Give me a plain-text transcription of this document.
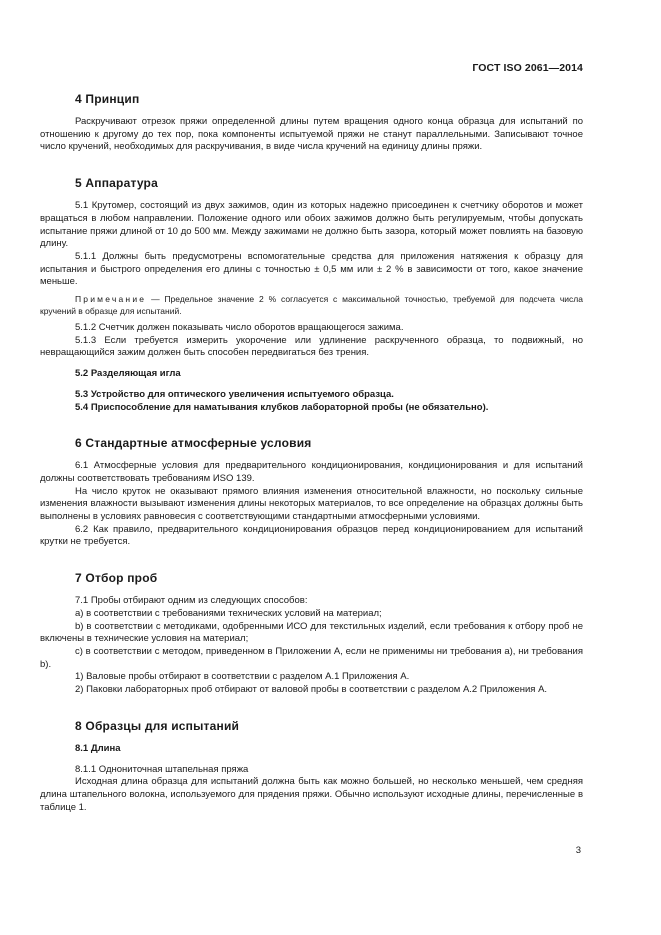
ГОСТ ISO 2061—2014
4 Принцип

Раскручивают отрезок пряжи определенной длины путем вращения одного конца образца для испытаний по отношению к другому до тех пор, пока компоненты испытуемой пряжи не станут параллельными. Записывают точное число кручений, необходимых для раскручивания, в виде числа кручений на единицу длины пряжи.

5 Аппаратура

5.1 Крутомер, состоящий из двух зажимов, один из которых надежно присоединен к счетчику оборотов и может вращаться в любом направлении. Положение одного или обоих зажимов должно быть регулируемым, чтобы допускать испытание пряжи длиной от 10 до 500 мм. Между зажимами не должно быть зазора, который может повлиять на базовую длину.

5.1.1 Должны быть предусмотрены вспомогательные средства для приложения натяжения к образцу для испытания и быстрого определения его длины с точностью ± 0,5 мм или ± 2 % в зависимости от того, какое значение меньше.

Примечание — Предельное значение 2 % согласуется с максимальной точностью, требуемой для подсчета числа кручений в образце для испытаний.

5.1.2 Счетчик должен показывать число оборотов вращающегося зажима.

5.1.3 Если требуется измерить укорочение или удлинение раскрученного образца, то подвижный, но невращающийся зажим должен быть способен передвигаться без трения.

5.2 Разделяющая игла
5.3 Устройство для оптического увеличения испытуемого образца.
5.4 Приспособление для наматывания клубков лабораторной пробы (не обязательно).
6 Стандартные атмосферные условия

6.1 Атмосферные условия для предварительного кондиционирования, кондиционирования и для испытаний должны соответствовать требованиям ИSO 139.

На число круток не оказывают прямого влияния изменения относительной влажности, но поскольку сильные изменения влажности вызывают изменения длины некоторых материалов, то все определение на образцах должны быть выполнены в условиях равновесия с соответствующими стандартными атмосферными условиями.

6.2 Как правило, предварительного кондиционирования образцов перед кондиционированием для испытаний крутки не требуется.

7 Отбор проб

7.1 Пробы отбирают одним из следующих способов:

а) в соответствии с требованиями технических условий на материал;

b) в соответствии с методиками, одобренными ИСО для текстильных изделий, если требования к отбору проб не включены в технические условия на материал;

с) в соответствии с методом, приведенном в Приложении А, если не применимы ни требования а), ни требования b).

1) Валовые пробы отбирают в соответствии с разделом А.1 Приложения А.

2) Паковки лабораторных проб отбирают от валовой пробы в соответствии с разделом А.2 Приложения А.

8 Образцы для испытаний
8.1 Длина

8.1.1 Однониточная штапельная пряжа

Исходная длина образца для испытаний должна быть как можно большей, но несколько меньшей, чем средняя длина штапельного волокна, используемого для прядения пряжи. Обычно используют исходные длины, перечисленные в таблице 1.

3
